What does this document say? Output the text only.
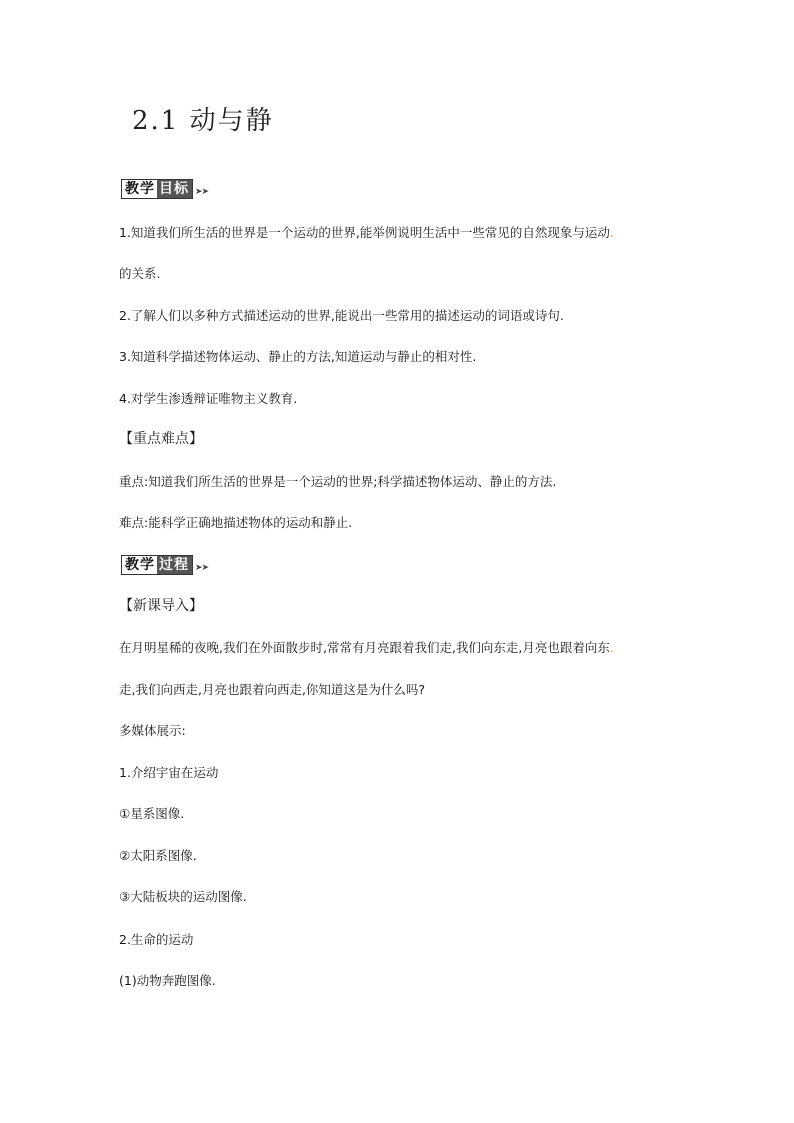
2.1 动与静
教学 目标 ➤➤
1.知道我们所生活的世界是一个运动的世界,能举例说明生活中一些常见的自然现象与运动.
的关系.
2.了解人们以多种方式描述运动的世界,能说出一些常用的描述运动的词语或诗句.
3.知道科学描述物体运动、静止的方法,知道运动与静止的相对性.
4.对学生渗透辩证唯物主义教育.
【重点难点】
重点:知道我们所生活的世界是一个运动的世界;科学描述物体运动、静止的方法.
难点:能科学正确地描述物体的运动和静止.
教学 过程 ➤➤
【新课导入】
在月明星稀的夜晚,我们在外面散步时,常常有月亮跟着我们走,我们向东走,月亮也跟着向东.
走,我们向西走,月亮也跟着向西走,你知道这是为什么吗?
多媒体展示:
1.介绍宇宙在运动
①星系图像.
②太阳系图像.
③大陆板块的运动图像.
2.生命的运动
(1)动物奔跑图像.
